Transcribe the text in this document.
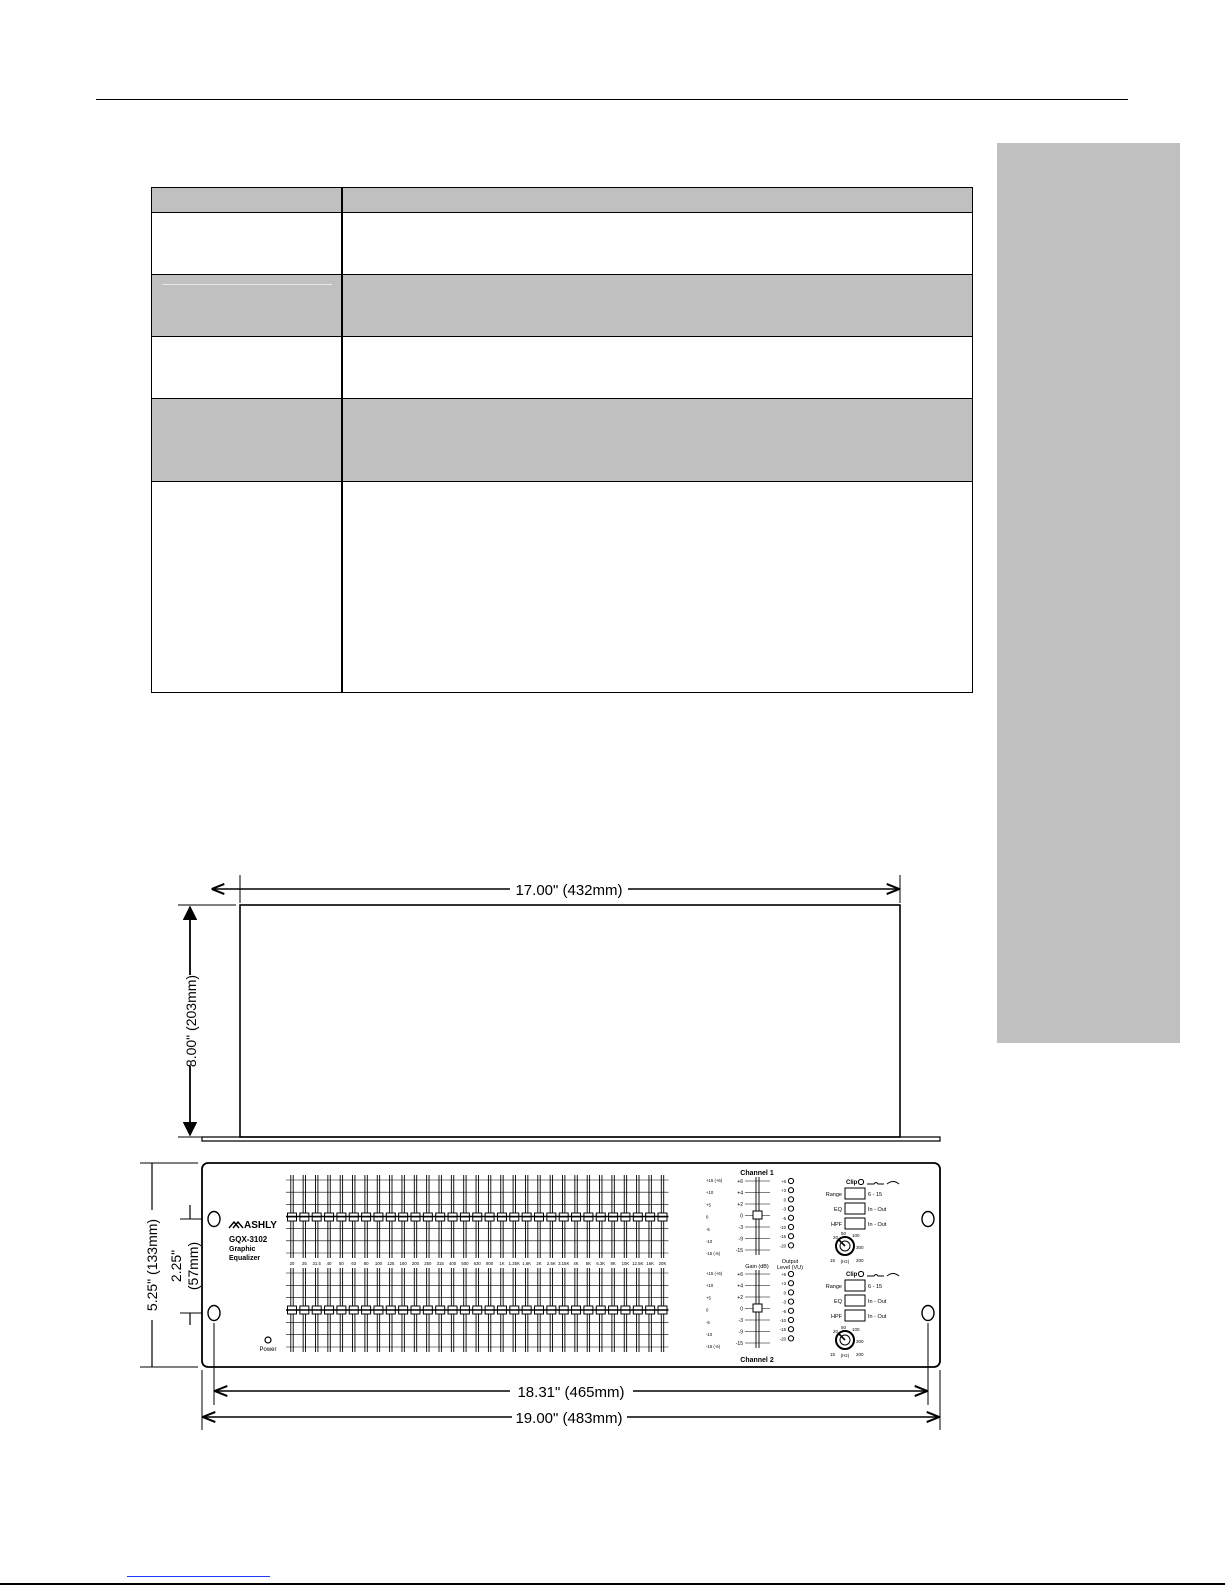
17.00" (432mm)
8.00" (203mm)
ASHLY
GQX-3102
Graphic
Equalizer
Power
20 25 31.5 40 50 63 80 100 125 160 200 250 315 400 500 630 800 1K 1.25K 1.6K 2K 2.5K 3.15K 4K 5K 6.3K 8K 10K 12.5K 16K 20K
+15 (+6)
+10
+5
0
-5
-10
-15 (-6)
+15 (+6)
+10
+5
0
-5
-10
-15 (-6)
Channel 1
Channel 2
Gain (dB)
Output
Level (VU)
+6
+4
+2
0
-3
-9
-15
+6
+4
+2
0
-3
-9
-15
+6
+3
0
-3
-6
-10
-15
-20
+6
+3
0
-3
-6
-10
-15
-20
Clip
Range	6 - 15
EQ	In - Out
HPF	In - Out
20
50 100
15 (Hz)
300
200
Clip
Range	6 - 15
EQ	In - Out
HPF	In - Out
20
50 100
15 (Hz)
300
200
5.25" (133mm) 2.25" (57mm)
18.31" (465mm)
19.00" (483mm)
